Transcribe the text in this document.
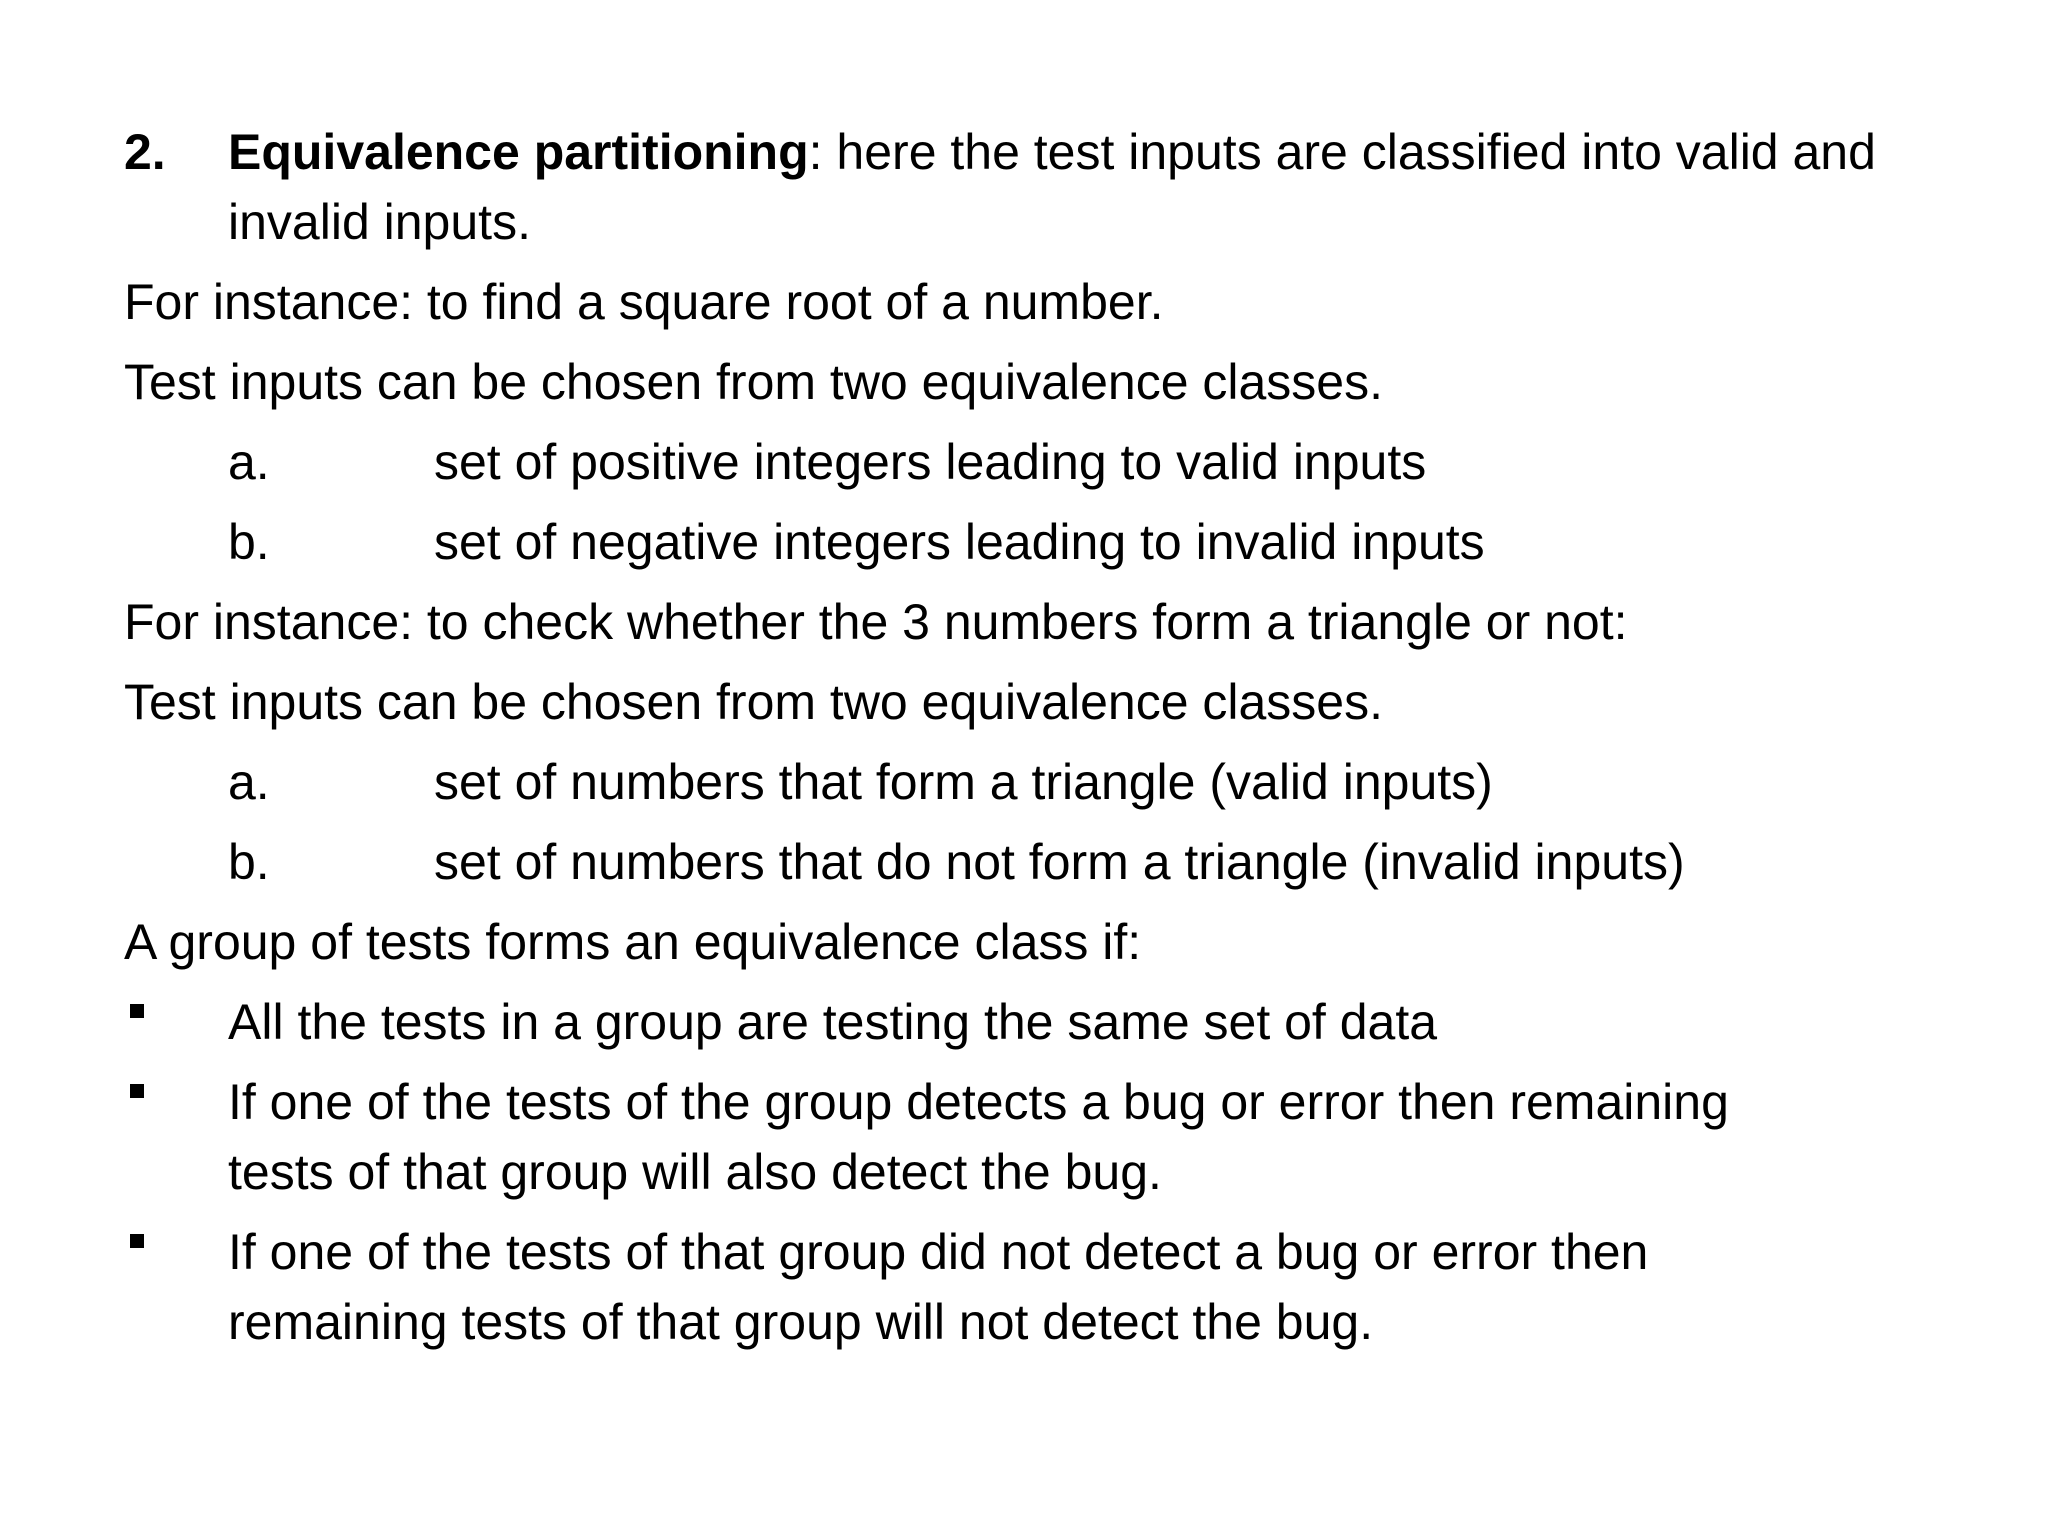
2. Equivalence partitioning: here the test inputs are classified into valid and
invalid inputs.
For instance: to find a square root of a number.
Test inputs can be chosen from two equivalence classes.
a.	set of positive integers leading to valid inputs
b.	set of negative integers leading to invalid inputs
For instance: to check whether the 3 numbers form a triangle or not:
Test inputs can be chosen from two equivalence classes.
a.	set of numbers that form a triangle (valid inputs)
b.	set of numbers that do not form a triangle (invalid inputs)
A group of tests forms an equivalence class if:
All the tests in a group are testing the same set of data
If one of the tests of the group detects a bug or error then remaining
tests of that group will also detect the bug.
If one of the tests of that group did not detect a bug or error then
remaining tests of that group will not detect the bug.
